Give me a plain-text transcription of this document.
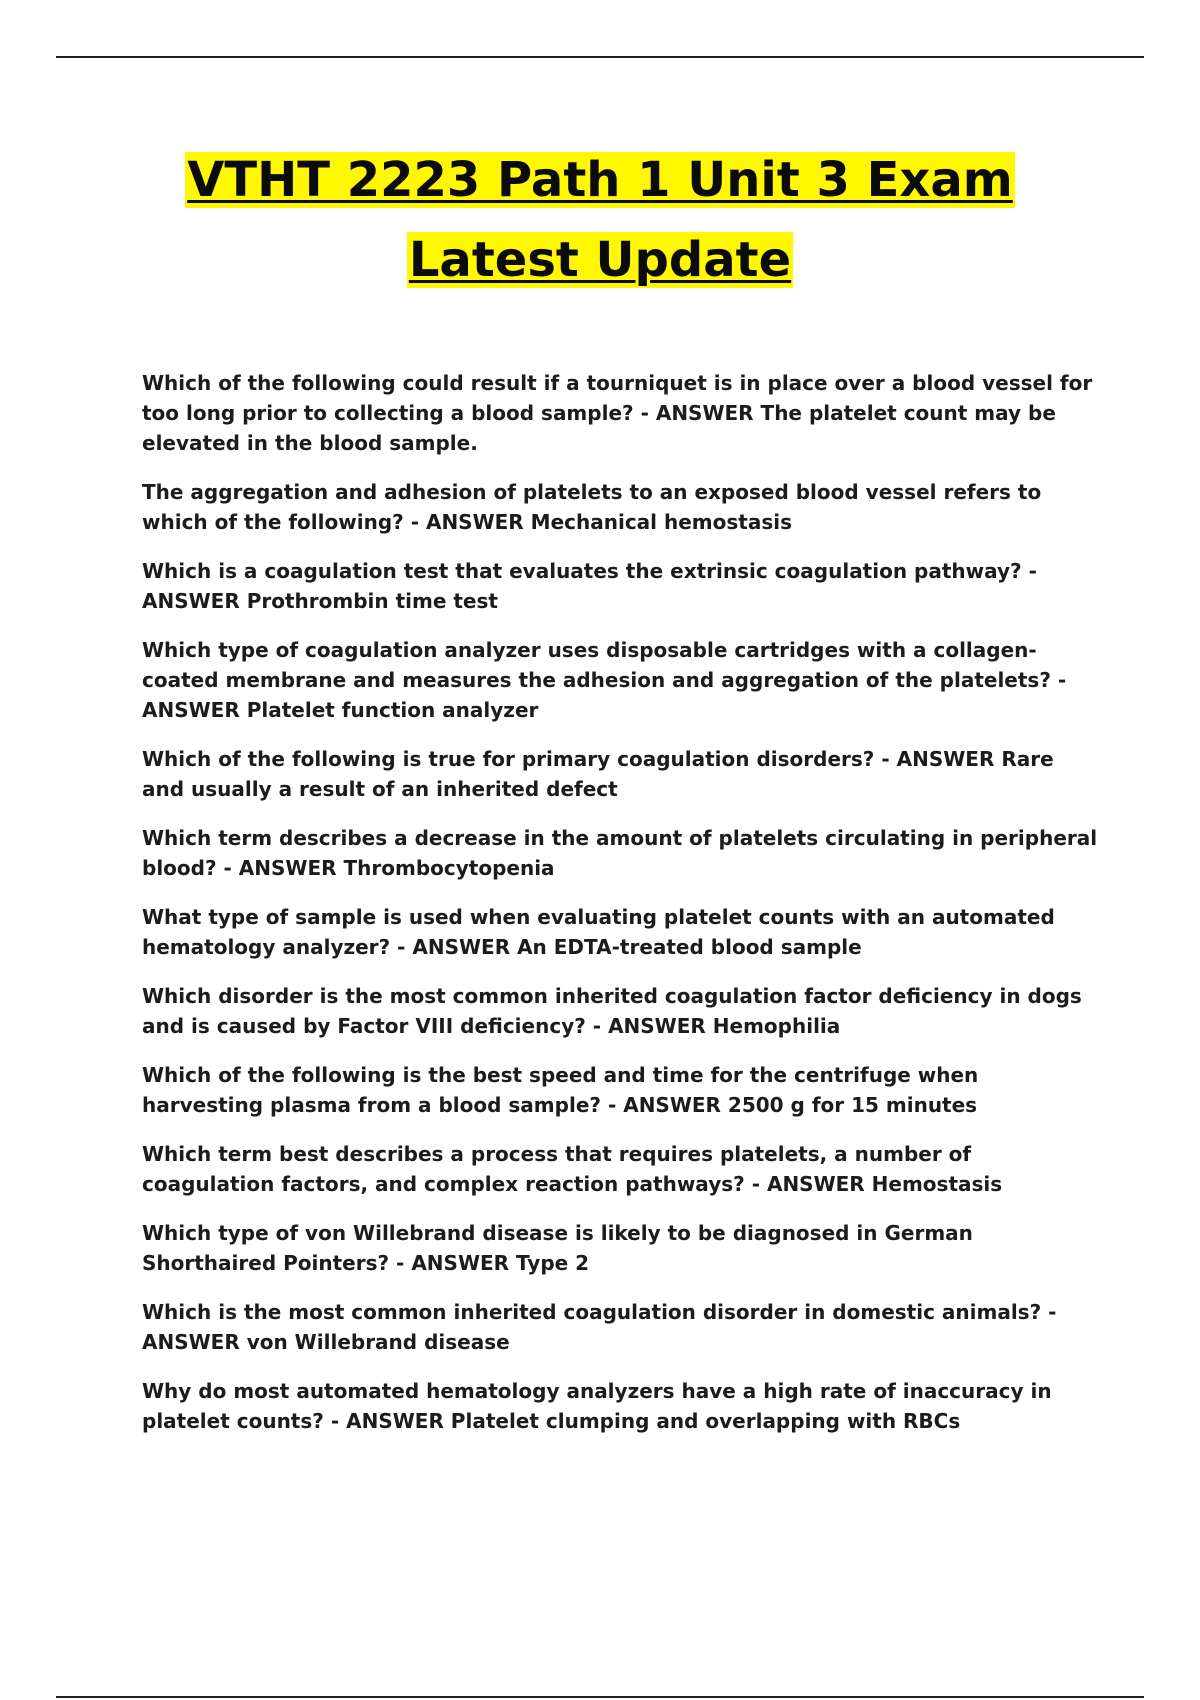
VTHT 2223 Path 1 Unit 3 Exam
Latest Update

Which of the following could result if a tourniquet is in place over a blood vessel for too long prior to collecting a blood sample? - ANSWER The platelet count may be elevated in the blood sample.

The aggregation and adhesion of platelets to an exposed blood vessel refers to which of the following? - ANSWER Mechanical hemostasis

Which is a coagulation test that evaluates the extrinsic coagulation pathway? - ANSWER Prothrombin time test

Which type of coagulation analyzer uses disposable cartridges with a collagen-coated membrane and measures the adhesion and aggregation of the platelets? - ANSWER Platelet function analyzer

Which of the following is true for primary coagulation disorders? - ANSWER Rare and usually a result of an inherited defect

Which term describes a decrease in the amount of platelets circulating in peripheral blood? - ANSWER Thrombocytopenia

What type of sample is used when evaluating platelet counts with an automated hematology analyzer? - ANSWER An EDTA-treated blood sample

Which disorder is the most common inherited coagulation factor deficiency in dogs and is caused by Factor VIII deficiency? - ANSWER Hemophilia

Which of the following is the best speed and time for the centrifuge when harvesting plasma from a blood sample? - ANSWER 2500 g for 15 minutes

Which term best describes a process that requires platelets, a number of coagulation factors, and complex reaction pathways? - ANSWER Hemostasis

Which type of von Willebrand disease is likely to be diagnosed in German Shorthaired Pointers? - ANSWER Type 2

Which is the most common inherited coagulation disorder in domestic animals? - ANSWER von Willebrand disease

Why do most automated hematology analyzers have a high rate of inaccuracy in platelet counts? - ANSWER Platelet clumping and overlapping with RBCs
